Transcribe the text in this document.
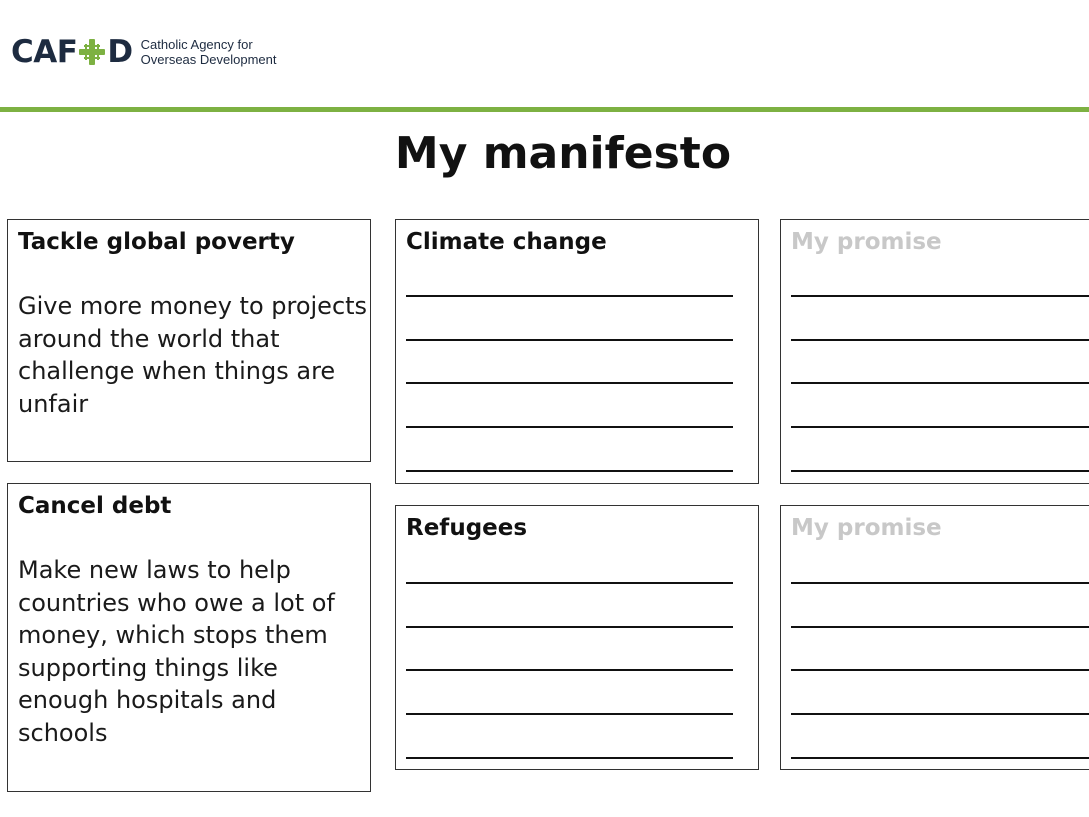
CAF D Catholic Agency for
Overseas Development
My manifesto
Tackle global poverty

Give more money to projects around the world that challenge when things are unfair

Cancel debt

Make new laws to help countries who owe a lot of money, which stops them supporting things like enough hospitals and schools

Climate change
Refugees
My promise
My promise
